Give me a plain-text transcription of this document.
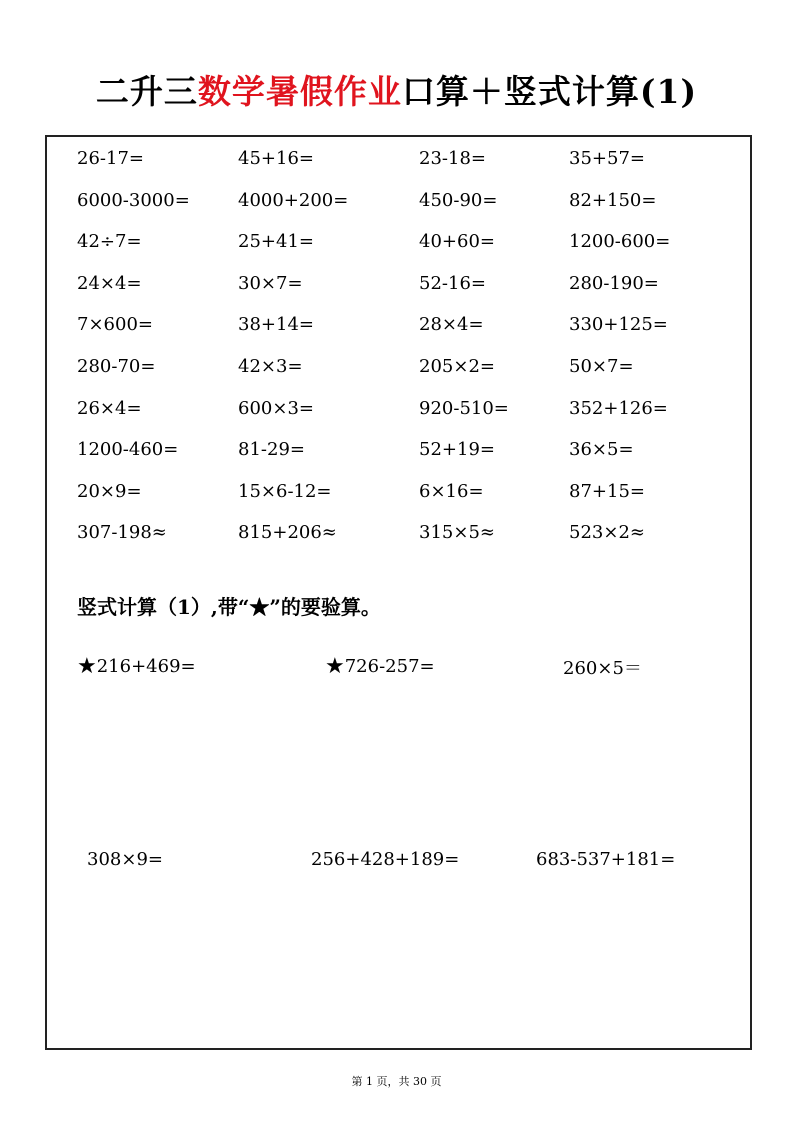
二升三数学暑假作业口算＋竖式计算(1)
26-17=	45+16=	23-18=	35+57=
6000-3000=	4000+200=	450-90=	82+150=
42÷7=	25+41=	40+60=	1200-600=
24×4=	30×7=	52-16=	280-190=
7×600=	38+14=	28×4=	330+125=
280-70=	42×3=	205×2=	50×7=
26×4=	600×3=	920-510=	352+126=
1200-460=	81-29=	52+19=	36×5=
20×9=	15×6-12=	6×16=	87+15=
307-198≈	815+206≈	315×5≈	523×2≈
竖式计算（1）,带“★”的要验算。
★216+469=	★726-257=	260×5＝
308×9=	256+428+189=	683-537+181=
第 1 页，共 30 页
